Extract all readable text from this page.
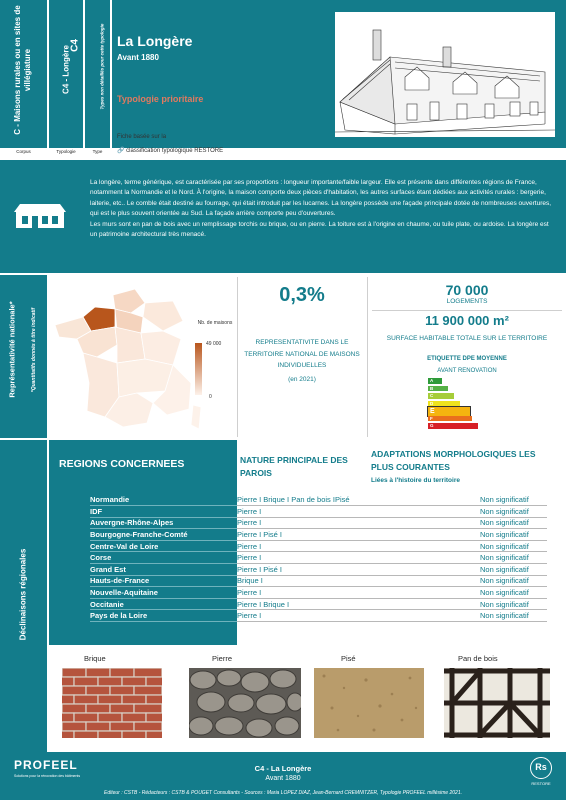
C - Maisons rurales ou en sites de villégiature	C4 - Longère C4	Types non détaillés pour cette typologie La Longère
Avant 1880
Typologie prioritaire
Corpus	Typologie	Type
Fiche basée sur la
🔗 classification typologique RESTORE

La longère, terme générique, est caractérisée par ses proportions : longueur importante/faible largeur. Elle est présente dans différentes régions de France, notamment la Normandie et le Nord. À l'origine, la maison comporte deux pièces d'habitation, les autres surfaces étant dédiées aux activités rurales : bergerie, laiterie, etc.. Le comble était destiné au fourrage, qui était introduit par les lucarnes. La longère possède une façade principale dotée de nombreuses ouvertures, qui est le plus souvent orientée au Sud. La façade arrière comporte peu d'ouvertures.

Les murs sont en pan de bois avec un remplissage torchis ou brique, ou en pierre. La toiture est à l'origine en chaume, ou tuile plate, ou ardoise. La longère est un patrimoine architectural très menacé.

Représentativité nationale*	*Quantitatifs donnés à titre indicatif	Nb. de maisons
49 000
0
0,3%
REPRESENTATIVITE DANS LE TERRITOIRE NATIONAL DE MAISONS INDIVIDUELLES
(en 2021)
70 000
LOGEMENTS
11 900 000 m²
SURFACE HABITABLE TOTALE SUR LE TERRITOIRE
ETIQUETTE DPE MOYENNE
AVANT RENOVATION
A
B
C
D
E
F
G
Déclinaisons régionales
REGIONS CONCERNEES	NATURE PRINCIPALE DES PAROIS
ADAPTATIONS MORPHOLOGIQUES LES PLUS COURANTES
Liées à l'histoire du territoire
Normandie	Pierre I Brique I Pan de bois IPisé	Non significatif
IDF	Pierre I	Non significatif
Auvergne-Rhône-Alpes	Pierre I	Non significatif
Bourgogne-Franche-Comté	Pierre I Pisé I	Non significatif
Centre-Val de Loire	Pierre I	Non significatif
Corse	Pierre I	Non significatif
Grand Est	Pierre I Pisé I	Non significatif
Hauts-de-France	Brique I	Non significatif
Nouvelle-Aquitaine	Pierre I	Non significatif
Occitanie	Pierre I Brique I	Non significatif
Pays de la Loire	Pierre I	Non significatif
Brique	Pierre	Pisé	Pan de bois
PROFEEL
Solutions pour la rénovation des bâtiments
C4 - La Longère
Avant 1880
Editeur : CSTB - Rédacteurs : CSTB & POUGET Consultants - Sources : Maria LOPEZ DIAZ, Jean-Bernard CREMNITZER, Typologie PROFEEL millésime 2021.
Rs
RESTORE
